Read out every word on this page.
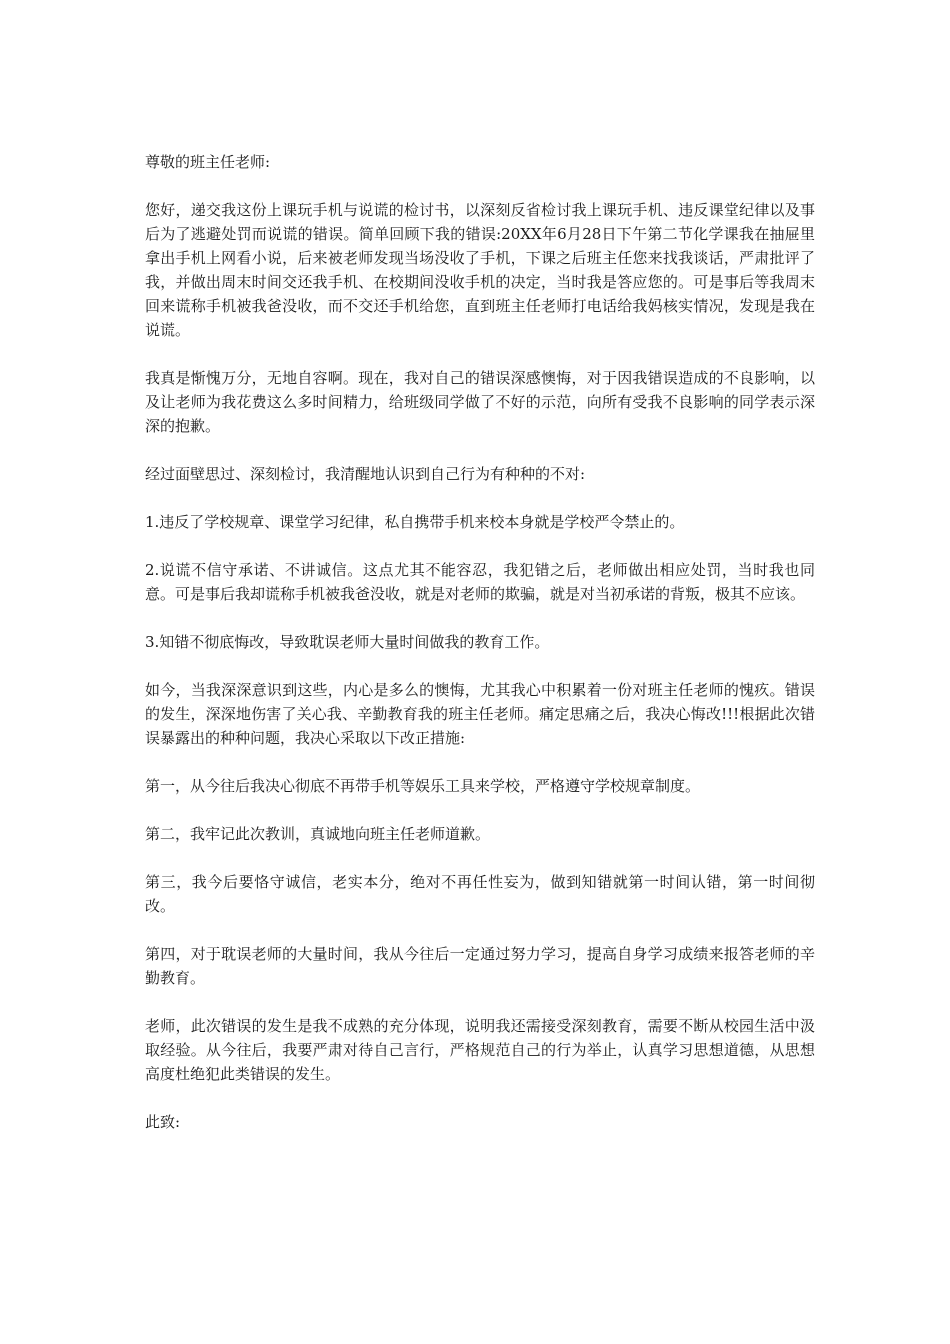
尊敬的班主任老师:

您好，递交我这份上课玩手机与说谎的检讨书，以深刻反省检讨我上课玩手机、违反课堂纪律以及事后为了逃避处罚而说谎的错误。简单回顾下我的错误:20XX年6月28日下午第二节化学课我在抽屉里拿出手机上网看小说，后来被老师发现当场没收了手机，下课之后班主任您来找我谈话，严肃批评了我，并做出周末时间交还我手机、在校期间没收手机的决定，当时我是答应您的。可是事后等我周末回来谎称手机被我爸没收，而不交还手机给您，直到班主任老师打电话给我妈核实情况，发现是我在说谎。

我真是惭愧万分，无地自容啊。现在，我对自己的错误深感懊悔，对于因我错误造成的不良影响，以及让老师为我花费这么多时间精力，给班级同学做了不好的示范，向所有受我不良影响的同学表示深深的抱歉。

经过面壁思过、深刻检讨，我清醒地认识到自己行为有种种的不对:

1.违反了学校规章、课堂学习纪律，私自携带手机来校本身就是学校严令禁止的。

2.说谎不信守承诺、不讲诚信。这点尤其不能容忍，我犯错之后，老师做出相应处罚，当时我也同意。可是事后我却谎称手机被我爸没收，就是对老师的欺骗，就是对当初承诺的背叛，极其不应该。

3.知错不彻底悔改，导致耽误老师大量时间做我的教育工作。

如今，当我深深意识到这些，内心是多么的懊悔，尤其我心中积累着一份对班主任老师的愧疚。错误的发生，深深地伤害了关心我、辛勤教育我的班主任老师。痛定思痛之后，我决心悔改!!!根据此次错误暴露出的种种问题，我决心采取以下改正措施:

第一，从今往后我决心彻底不再带手机等娱乐工具来学校，严格遵守学校规章制度。

第二，我牢记此次教训，真诚地向班主任老师道歉。

第三，我今后要恪守诚信，老实本分，绝对不再任性妄为，做到知错就第一时间认错，第一时间彻改。

第四，对于耽误老师的大量时间，我从今往后一定通过努力学习，提高自身学习成绩来报答老师的辛勤教育。

老师，此次错误的发生是我不成熟的充分体现，说明我还需接受深刻教育，需要不断从校园生活中汲取经验。从今往后，我要严肃对待自己言行，严格规范自己的行为举止，认真学习思想道德，从思想高度杜绝犯此类错误的发生。

此致:
